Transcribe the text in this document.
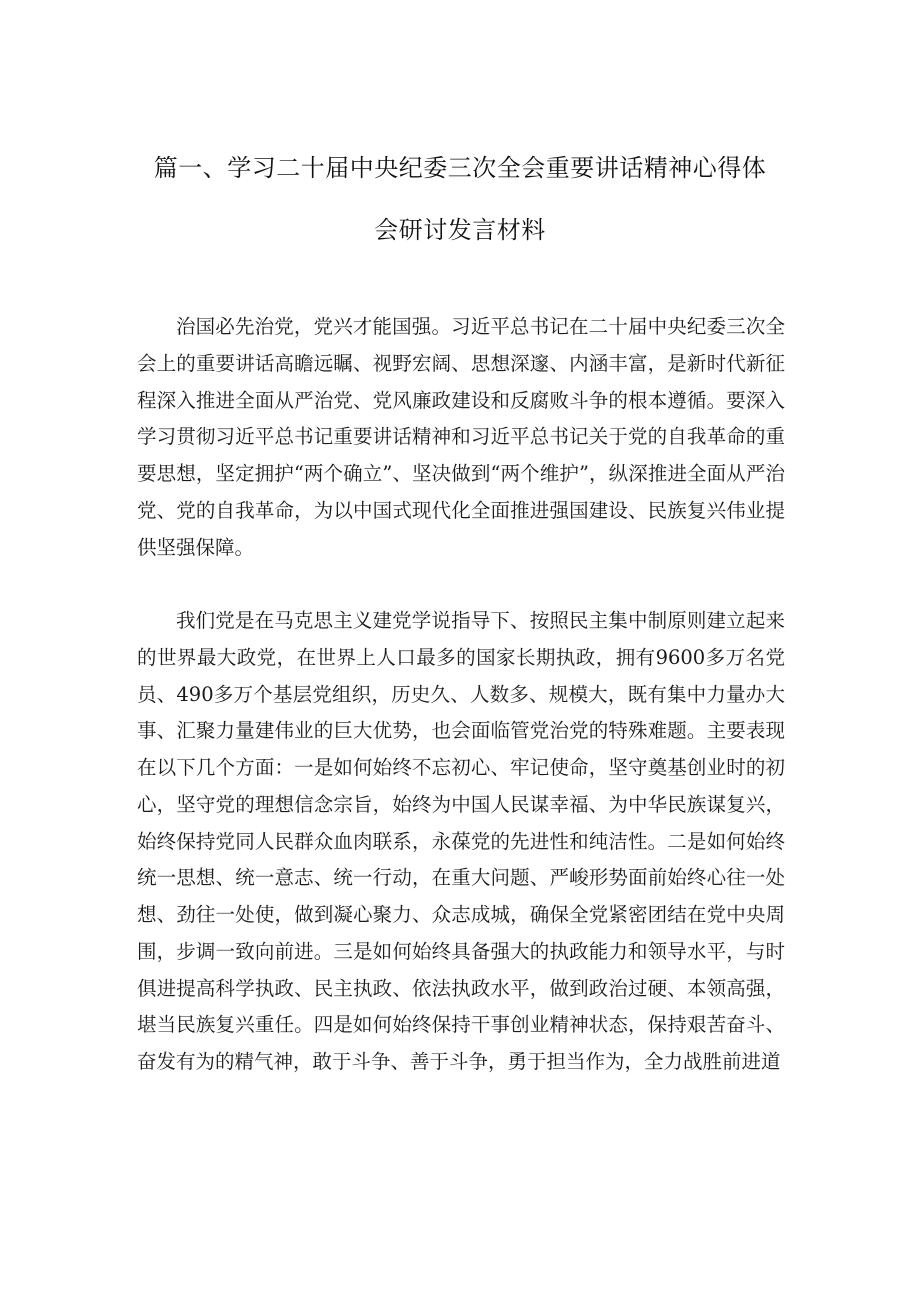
篇一、学习二十届中央纪委三次全会重要讲话精神心得体
会研讨发言材料

治国必先治党，党兴才能国强。习近平总书记在二十届中央纪委三次全会上的重要讲话高瞻远瞩、视野宏阔、思想深邃、内涵丰富，是新时代新征程深入推进全面从严治党、党风廉政建设和反腐败斗争的根本遵循。要深入学习贯彻习近平总书记重要讲话精神和习近平总书记关于党的自我革命的重要思想，坚定拥护“两个确立”、坚决做到“两个维护”，纵深推进全面从严治党、党的自我革命，为以中国式现代化全面推进强国建设、民族复兴伟业提供坚强保障。

我们党是在马克思主义建党学说指导下、按照民主集中制原则建立起来的世界最大政党，在世界上人口最多的国家长期执政，拥有9600多万名党员、490多万个基层党组织，历史久、人数多、规模大，既有集中力量办大事、汇聚力量建伟业的巨大优势，也会面临管党治党的特殊难题。主要表现在以下几个方面：一是如何始终不忘初心、牢记使命，坚守奠基创业时的初心，坚守党的理想信念宗旨，始终为中国人民谋幸福、为中华民族谋复兴，始终保持党同人民群众血肉联系，永葆党的先进性和纯洁性。二是如何始终统一思想、统一意志、统一行动，在重大问题、严峻形势面前始终心往一处想、劲往一处使，做到凝心聚力、众志成城，确保全党紧密团结在党中央周围，步调一致向前进。三是如何始终具备强大的执政能力和领导水平，与时俱进提高科学执政、民主执政、依法执政水平，做到政治过硬、本领高强，堪当民族复兴重任。四是如何始终保持干事创业精神状态，保持艰苦奋斗、奋发有为的精气神，敢于斗争、善于斗争，勇于担当作为，全力战胜前进道
